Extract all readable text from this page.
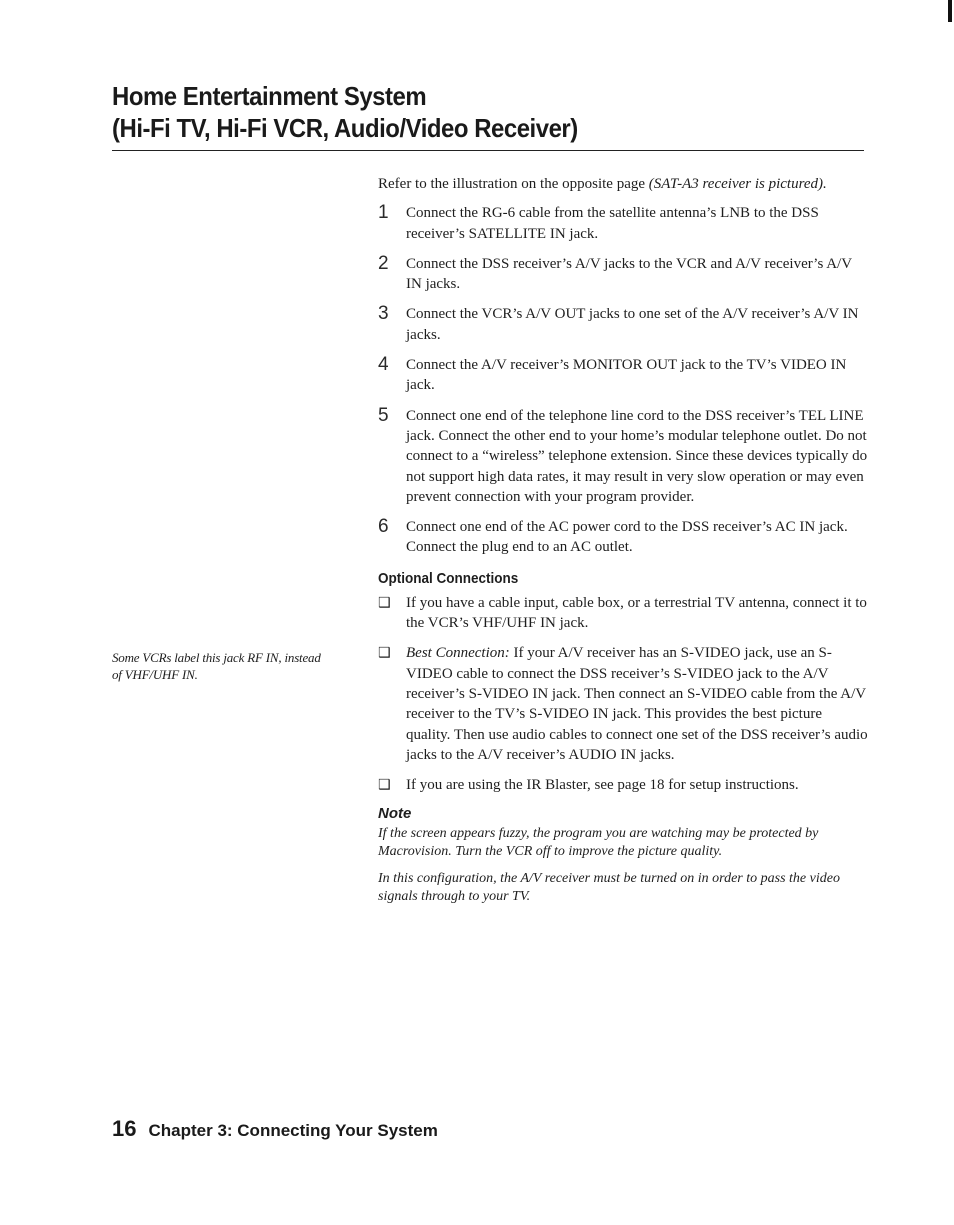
Home Entertainment System
(Hi-Fi TV, Hi-Fi VCR, Audio/Video Receiver)

Refer to the illustration on the opposite page (SAT-A3 receiver is pictured).

1	Connect the RG-6 cable from the satellite antenna’s LNB to the DSS receiver’s SATELLITE IN jack.
2	Connect the DSS receiver’s A/V jacks to the VCR and A/V receiver’s A/V IN jacks.
3	Connect the VCR’s A/V OUT jacks to one set of the A/V receiver’s A/V IN jacks.
4	Connect the A/V receiver’s MONITOR OUT jack to the TV’s VIDEO IN jack.
5	Connect one end of the telephone line cord to the DSS receiver’s TEL LINE jack. Connect the other end to your home’s modular telephone outlet. Do not connect to a “wireless” telephone extension. Since these devices typically do not support high data rates, it may result in very slow operation or may even prevent connection with your program provider.
6	Connect one end of the AC power cord to the DSS receiver’s AC IN jack. Connect the plug end to an AC outlet.
Optional Connections
❑	If you have a cable input, cable box, or a terrestrial TV antenna, connect it to the VCR’s VHF/UHF IN jack.
❑	Best Connection: If your A/V receiver has an S-VIDEO jack, use an S-VIDEO cable to connect the DSS receiver’s S-VIDEO jack to the A/V receiver’s S-VIDEO IN jack. Then connect an S-VIDEO cable from the A/V receiver to the TV’s S-VIDEO IN jack. This provides the best picture quality. Then use audio cables to connect one set of the DSS receiver’s audio jacks to the A/V receiver’s AUDIO IN jacks.
❑	If you are using the IR Blaster, see page 18 for setup instructions.
Note

If the screen appears fuzzy, the program you are watching may be protected by Macrovision. Turn the VCR off to improve the picture quality.

In this configuration, the A/V receiver must be turned on in order to pass the video signals through to your TV.

Some VCRs label this jack RF IN, instead of VHF/UHF IN.
16 Chapter 3: Connecting Your System
